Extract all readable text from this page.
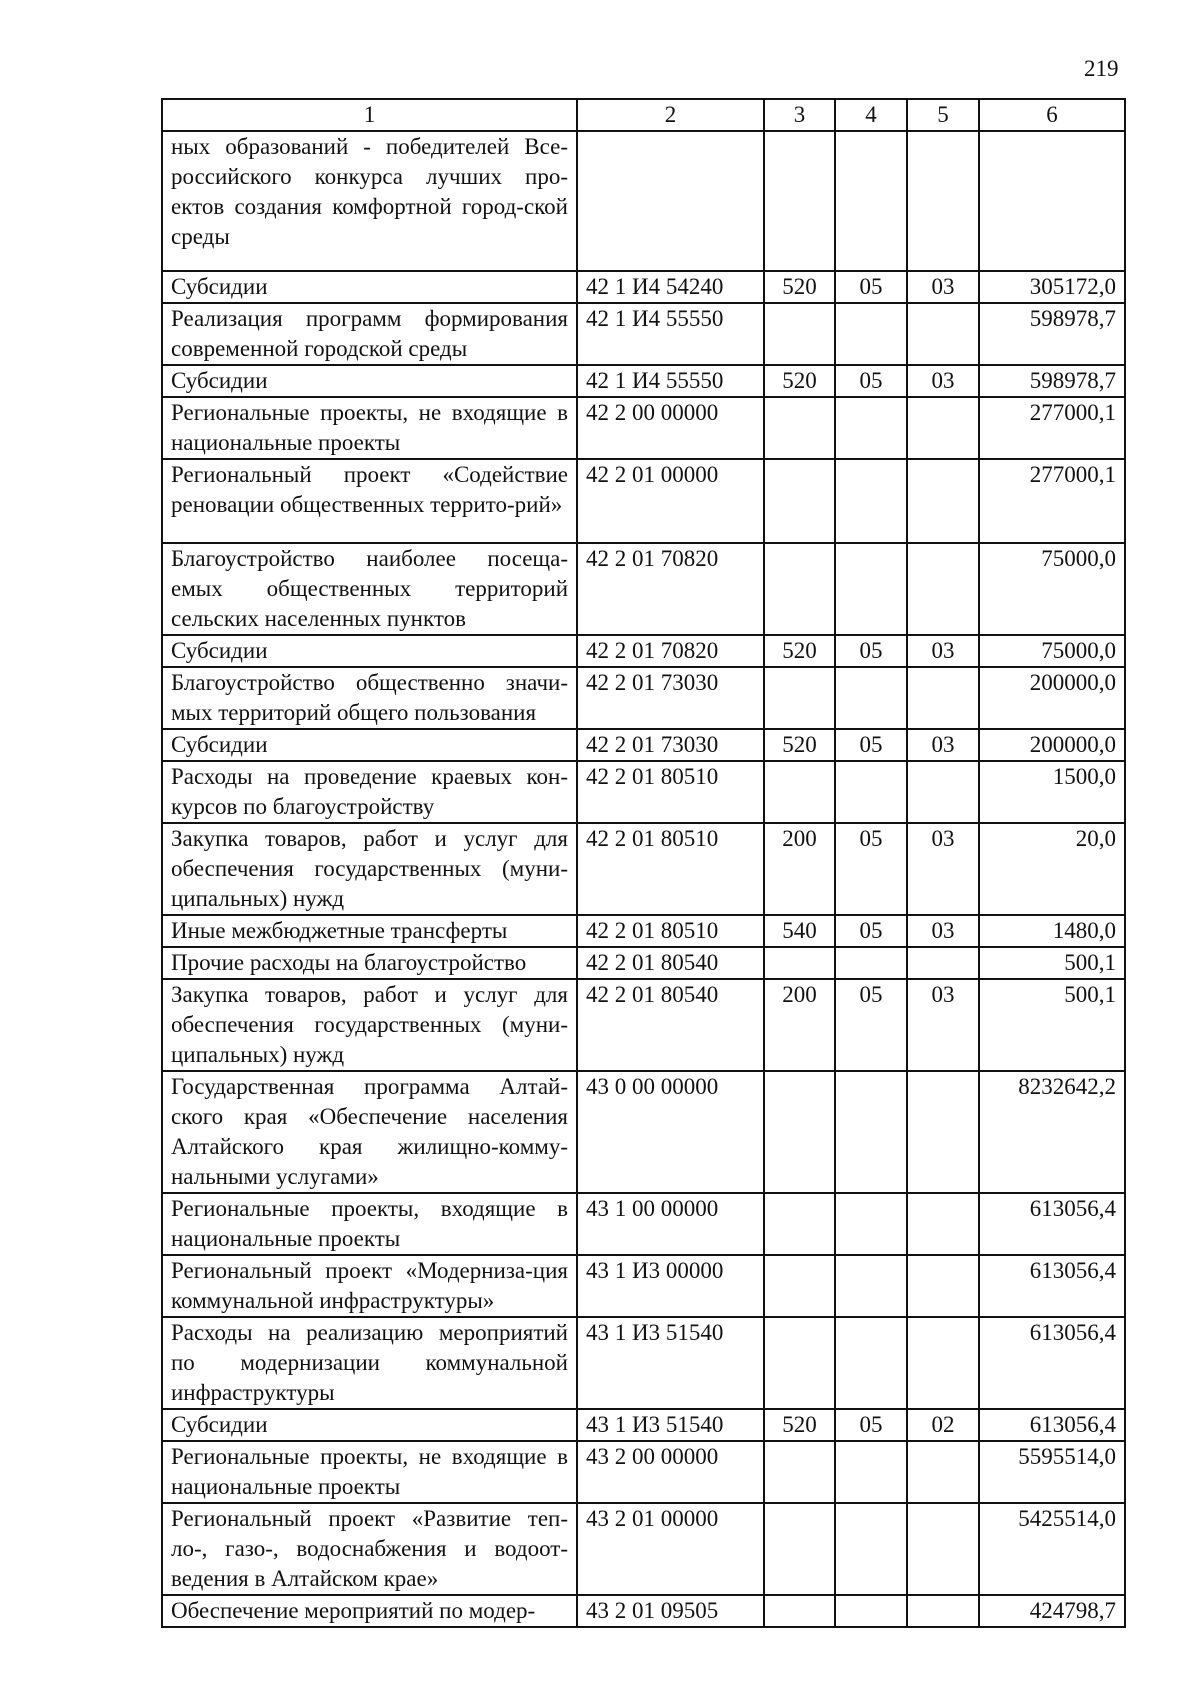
219
1	2	3	4	5	6
ных образований - победителей Все-российского конкурса лучших про-ектов создания комфортной город-ской среды					
Субсидии	42 1 И4 54240	520	05	03	305172,0
Реализация программ формирования современной городской среды	42 1 И4 55550				598978,7
Субсидии	42 1 И4 55550	520	05	03	598978,7
Региональные проекты, не входящие в национальные проекты	42 2 00 00000				277000,1
Региональный проект «Содействие реновации общественных террито-рий»	42 2 01 00000				277000,1
Благоустройство наиболее посеща-емых общественных территорий сельских населенных пунктов	42 2 01 70820				75000,0
Субсидии	42 2 01 70820	520	05	03	75000,0
Благоустройство общественно значи-мых территорий общего пользования	42 2 01 73030				200000,0
Субсидии	42 2 01 73030	520	05	03	200000,0
Расходы на проведение краевых кон-курсов по благоустройству	42 2 01 80510				1500,0
Закупка товаров, работ и услуг для обеспечения государственных (муни-ципальных) нужд	42 2 01 80510	200	05	03	20,0
Иные межбюджетные трансферты	42 2 01 80510	540	05	03	1480,0
Прочие расходы на благоустройство	42 2 01 80540				500,1
Закупка товаров, работ и услуг для обеспечения государственных (муни-ципальных) нужд	42 2 01 80540	200	05	03	500,1
Государственная программа Алтай-ского края «Обеспечение населения Алтайского края жилищно-комму-нальными услугами»	43 0 00 00000				8232642,2
Региональные проекты, входящие в национальные проекты	43 1 00 00000				613056,4
Региональный проект «Модерниза-ция коммунальной инфраструктуры»	43 1 И3 00000				613056,4
Расходы на реализацию мероприятий по модернизации коммунальной инфраструктуры	43 1 И3 51540				613056,4
Субсидии	43 1 И3 51540	520	05	02	613056,4
Региональные проекты, не входящие в национальные проекты	43 2 00 00000				5595514,0
Региональный проект «Развитие теп-ло-, газо-, водоснабжения и водоот-ведения в Алтайском крае»	43 2 01 00000				5425514,0
Обеспечение мероприятий по модер-	43 2 01 09505				424798,7
